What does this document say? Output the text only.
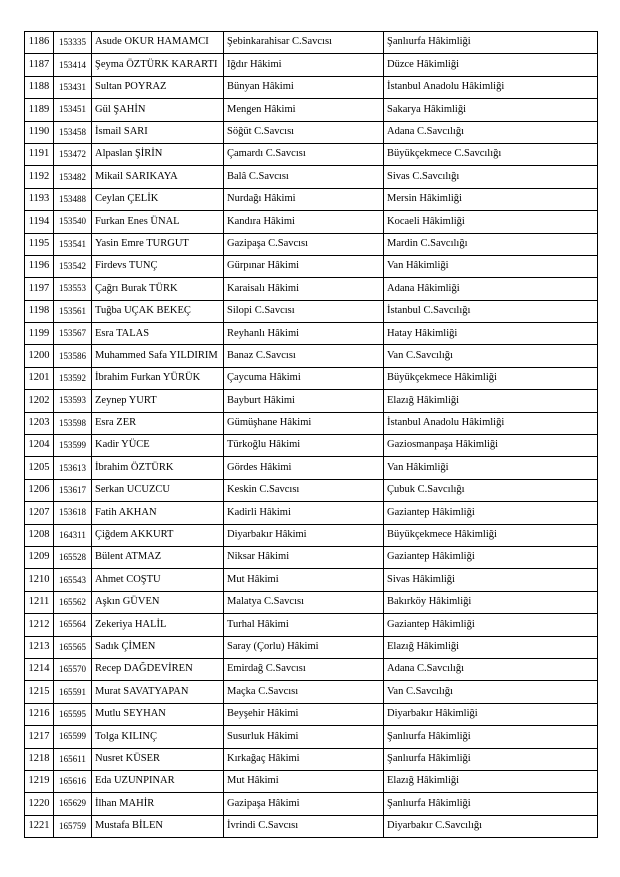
1186	153335	Asude OKUR HAMAMCI	Şebinkarahisar C.Savcısı	Şanlıurfa Hâkimliği
1187	153414	Şeyma ÖZTÜRK KARARTI	Iğdır Hâkimi	Düzce Hâkimliği
1188	153431	Sultan POYRAZ	Bünyan Hâkimi	İstanbul Anadolu Hâkimliği
1189	153451	Gül ŞAHİN	Mengen Hâkimi	Sakarya Hâkimliği
1190	153458	İsmail SARI	Söğüt C.Savcısı	Adana C.Savcılığı
1191	153472	Alpaslan ŞİRİN	Çamardı C.Savcısı	Büyükçekmece C.Savcılığı
1192	153482	Mikail SARIKAYA	Balâ C.Savcısı	Sivas C.Savcılığı
1193	153488	Ceylan ÇELİK	Nurdağı Hâkimi	Mersin Hâkimliği
1194	153540	Furkan Enes ÜNAL	Kandıra Hâkimi	Kocaeli Hâkimliği
1195	153541	Yasin Emre TURGUT	Gazipaşa C.Savcısı	Mardin C.Savcılığı
1196	153542	Firdevs TUNÇ	Gürpınar Hâkimi	Van Hâkimliği
1197	153553	Çağrı Burak TÜRK	Karaisalı Hâkimi	Adana Hâkimliği
1198	153561	Tuğba UÇAK BEKEÇ	Silopi C.Savcısı	İstanbul C.Savcılığı
1199	153567	Esra TALAS	Reyhanlı Hâkimi	Hatay Hâkimliği
1200	153586	Muhammed Safa YILDIRIM	Banaz C.Savcısı	Van C.Savcılığı
1201	153592	İbrahim Furkan YÜRÜK	Çaycuma Hâkimi	Büyükçekmece Hâkimliği
1202	153593	Zeynep YURT	Bayburt Hâkimi	Elazığ Hâkimliği
1203	153598	Esra ZER	Gümüşhane Hâkimi	İstanbul Anadolu Hâkimliği
1204	153599	Kadir YÜCE	Türkoğlu Hâkimi	Gaziosmanpaşa Hâkimliği
1205	153613	İbrahim ÖZTÜRK	Gördes Hâkimi	Van Hâkimliği
1206	153617	Serkan UCUZCU	Keskin C.Savcısı	Çubuk C.Savcılığı
1207	153618	Fatih AKHAN	Kadirli Hâkimi	Gaziantep Hâkimliği
1208	164311	Çiğdem AKKURT	Diyarbakır Hâkimi	Büyükçekmece Hâkimliği
1209	165528	Bülent ATMAZ	Niksar Hâkimi	Gaziantep Hâkimliği
1210	165543	Ahmet COŞTU	Mut Hâkimi	Sivas Hâkimliği
1211	165562	Aşkın GÜVEN	Malatya C.Savcısı	Bakırköy Hâkimliği
1212	165564	Zekeriya HALİL	Turhal Hâkimi	Gaziantep Hâkimliği
1213	165565	Sadık ÇİMEN	Saray (Çorlu) Hâkimi	Elazığ Hâkimliği
1214	165570	Recep DAĞDEVİREN	Emirdağ C.Savcısı	Adana C.Savcılığı
1215	165591	Murat SAVATYAPAN	Maçka C.Savcısı	Van C.Savcılığı
1216	165595	Mutlu SEYHAN	Beyşehir Hâkimi	Diyarbakır Hâkimliği
1217	165599	Tolga KILINÇ	Susurluk Hâkimi	Şanlıurfa Hâkimliği
1218	165611	Nusret KÜSER	Kırkağaç Hâkimi	Şanlıurfa Hâkimliği
1219	165616	Eda UZUNPINAR	Mut Hâkimi	Elazığ Hâkimliği
1220	165629	İlhan MAHİR	Gazipaşa Hâkimi	Şanlıurfa Hâkimliği
1221	165759	Mustafa BİLEN	İvrindi C.Savcısı	Diyarbakır C.Savcılığı
